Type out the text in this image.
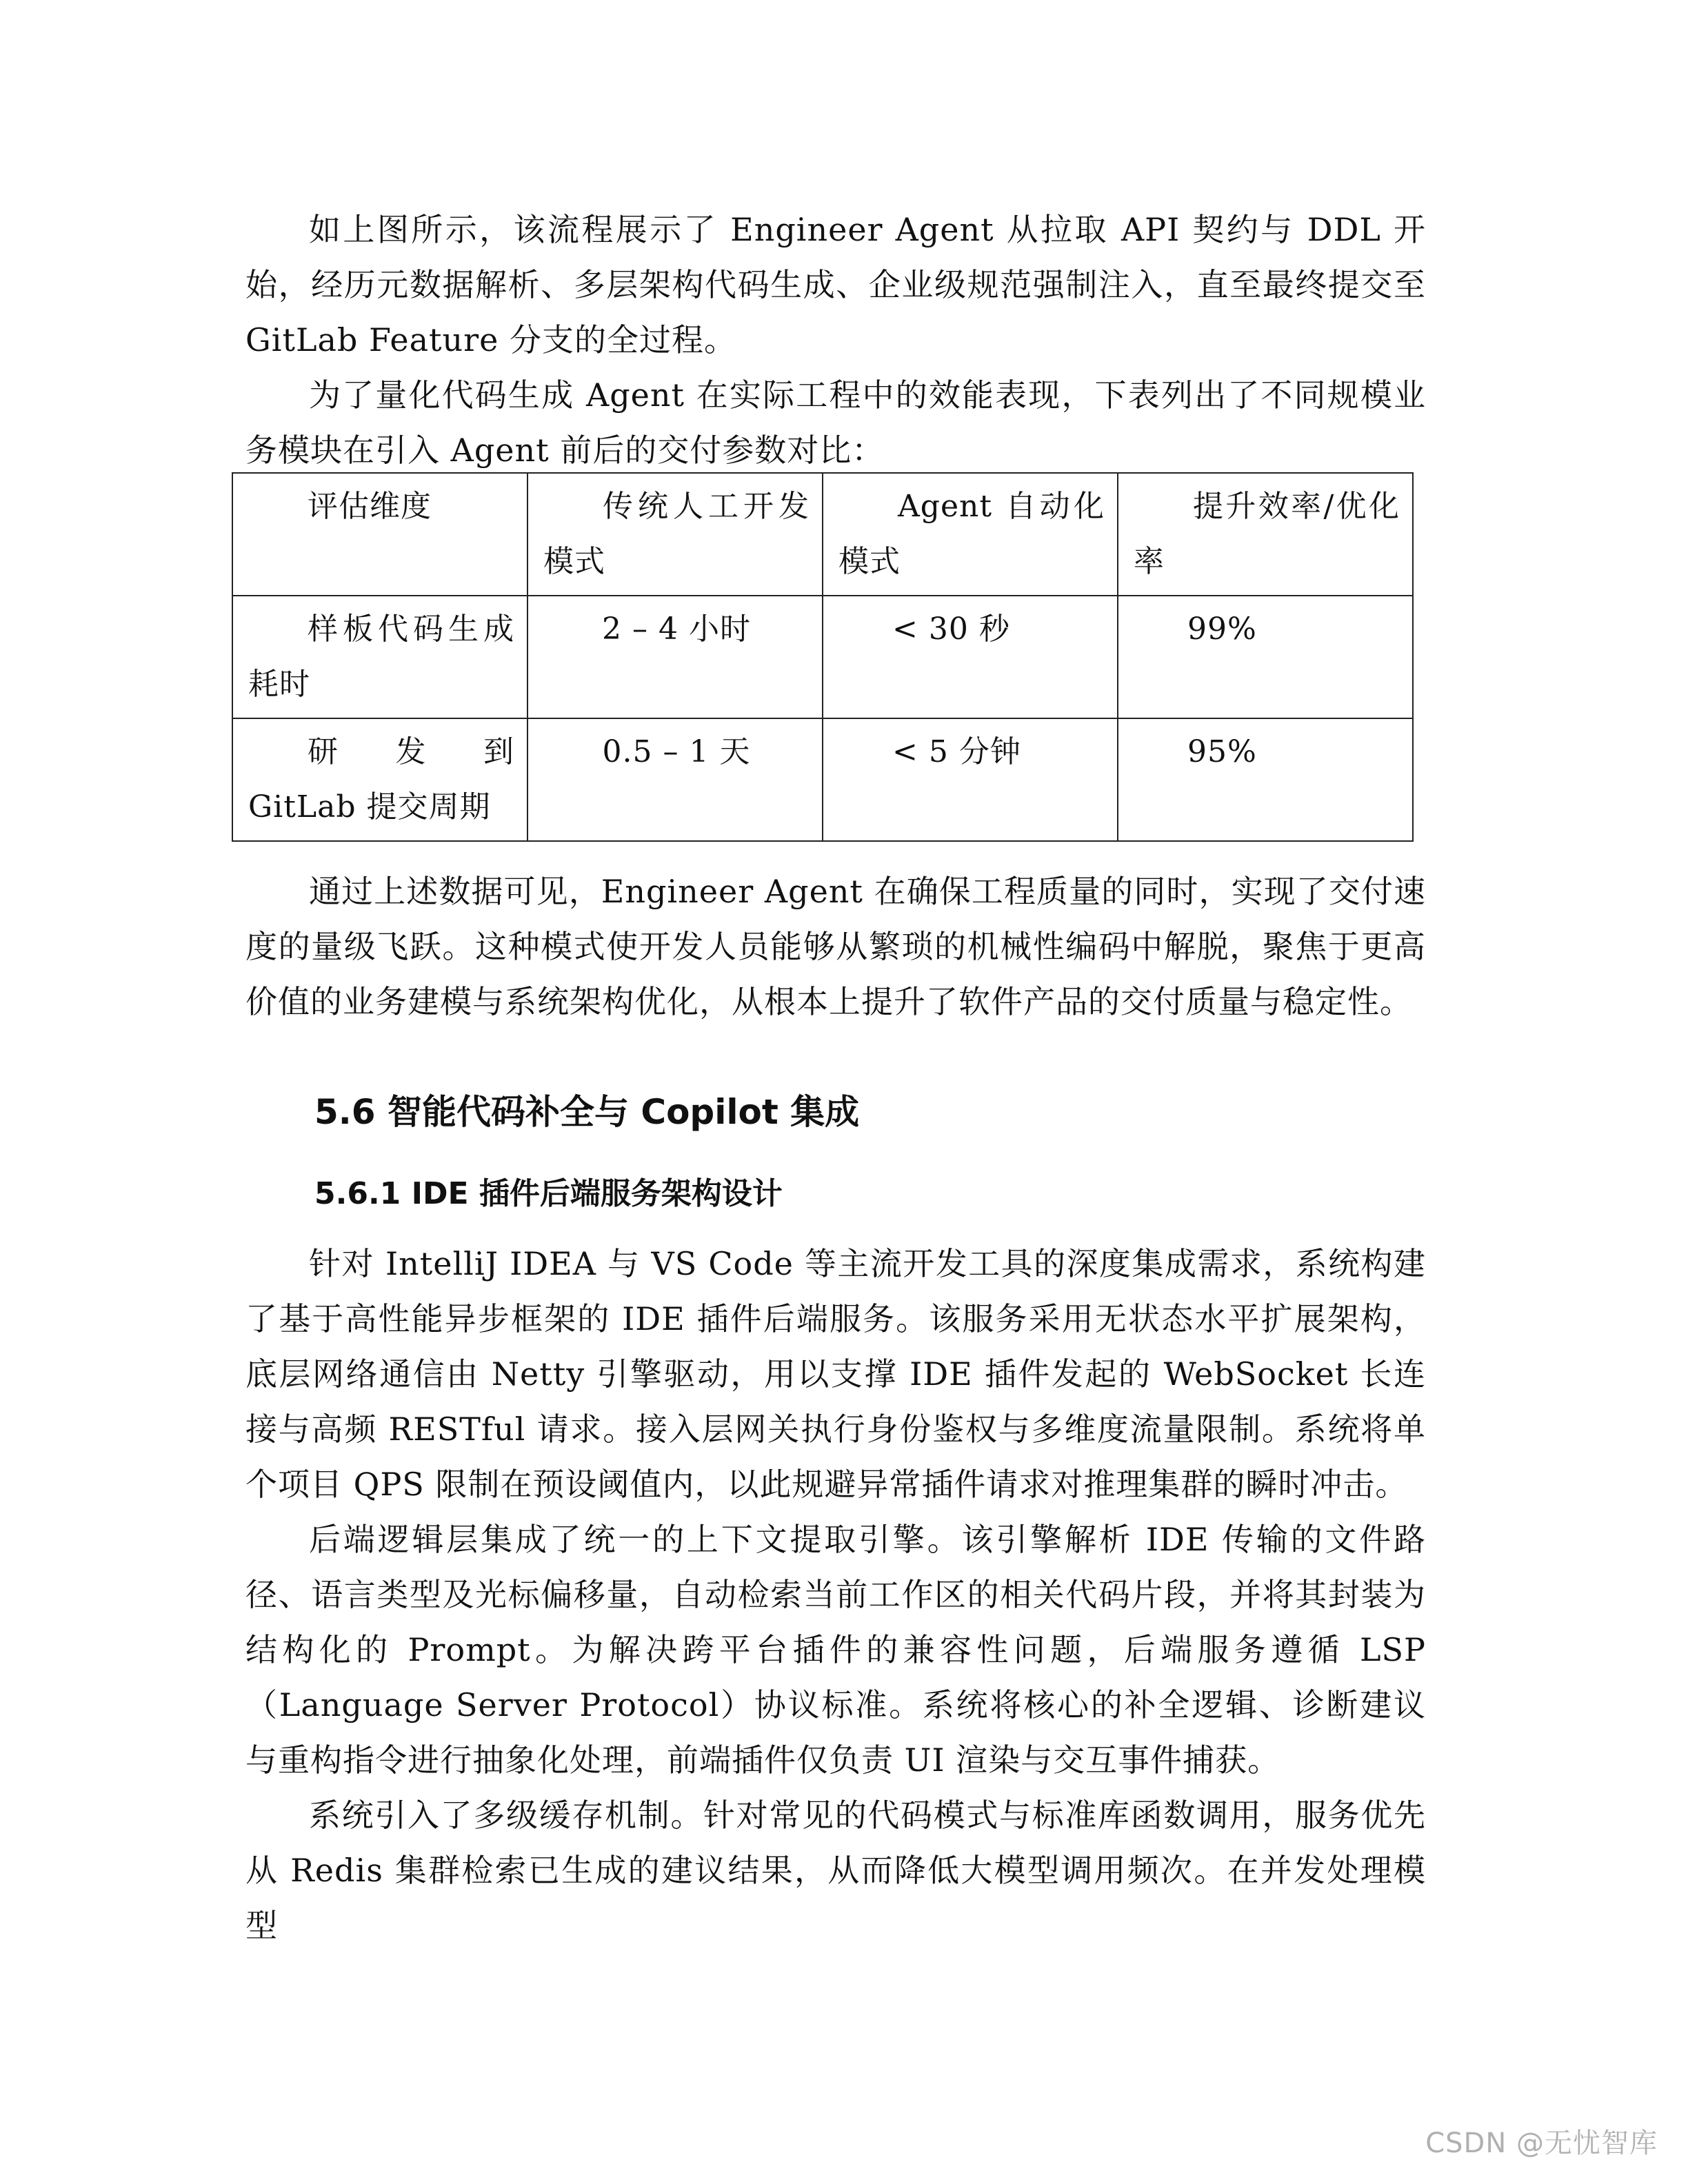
如上图所示，该流程展示了 Engineer Agent 从拉取 API 契约与 DDL 开始，经历元数据解析、多层架构代码生成、企业级规范强制注入，直至最终提交至 GitLab Feature 分支的全过程。

为了量化代码生成 Agent 在实际工程中的效能表现，下表列出了不同规模业务模块在引入 Agent 前后的交付参数对比：

评估维度	传统人工开发模式	Agent 自动化模式	提升效率/优化率
样板代码生成耗时	2 – 4 小时	< 30 秒	99%
研发到 GitLab 提交周期	0.5 – 1 天	< 5 分钟	95%

通过上述数据可见，Engineer Agent 在确保工程质量的同时，实现了交付速度的量级飞跃。这种模式使开发人员能够从繁琐的机械性编码中解脱，聚焦于更高价值的业务建模与系统架构优化，从根本上提升了软件产品的交付质量与稳定性。

5.6 智能代码补全与 Copilot 集成
5.6.1 IDE 插件后端服务架构设计

针对 IntelliJ IDEA 与 VS Code 等主流开发工具的深度集成需求，系统构建了基于高性能异步框架的 IDE 插件后端服务。该服务采用无状态水平扩展架构，底层网络通信由 Netty 引擎驱动，用以支撑 IDE 插件发起的 WebSocket 长连接与高频 RESTful 请求。接入层网关执行身份鉴权与多维度流量限制。系统将单个项目 QPS 限制在预设阈值内，以此规避异常插件请求对推理集群的瞬时冲击。

后端逻辑层集成了统一的上下文提取引擎。该引擎解析 IDE 传输的文件路径、语言类型及光标偏移量，自动检索当前工作区的相关代码片段，并将其封装为结构化的 Prompt。为解决跨平台插件的兼容性问题，后端服务遵循 LSP（Language Server Protocol）协议标准。系统将核心的补全逻辑、诊断建议与重构指令进行抽象化处理，前端插件仅负责 UI 渲染与交互事件捕获。

系统引入了多级缓存机制。针对常见的代码模式与标准库函数调用，服务优先从 Redis 集群检索已生成的建议结果，从而降低大模型调用频次。在并发处理模型

CSDN @无忧智库
